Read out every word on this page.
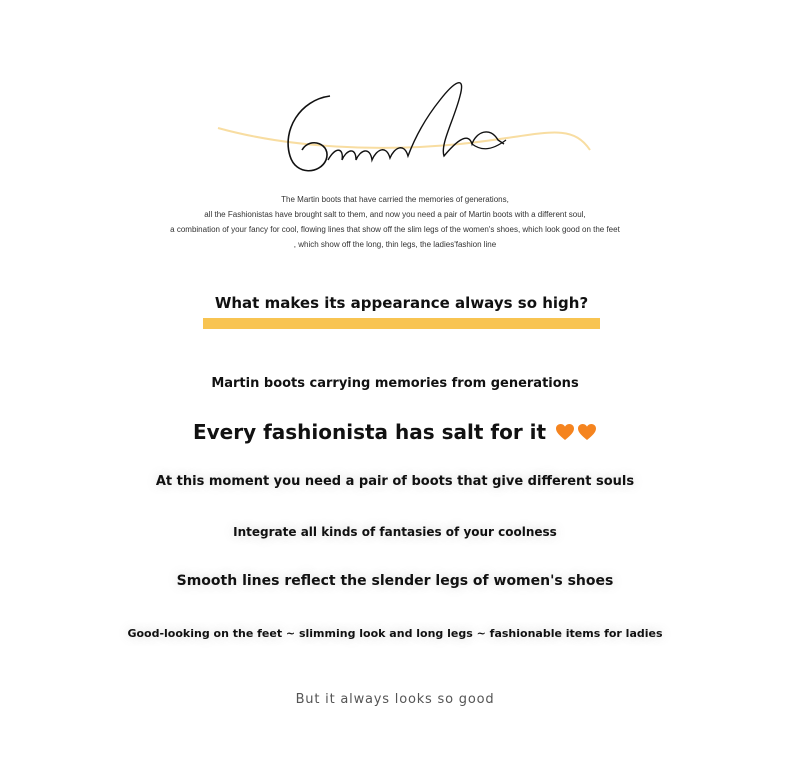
The Martin boots that have carried the memories of generations,
all the Fashionistas have brought salt to them, and now you need a pair of Martin boots with a different soul,
a combination of your fancy for cool, flowing lines that show off the slim legs of the women's shoes, which look good on the feet
, which show off the long, thin legs, the ladies'fashion line
What makes its appearance always so high?
Martin boots carrying memories from generations
Every fashionista has salt for it
At this moment you need a pair of boots that give different souls
Integrate all kinds of fantasies of your coolness
Smooth lines reflect the slender legs of women's shoes
Good-looking on the feet ~ slimming look and long legs ~ fashionable items for ladies
But it always looks so good
